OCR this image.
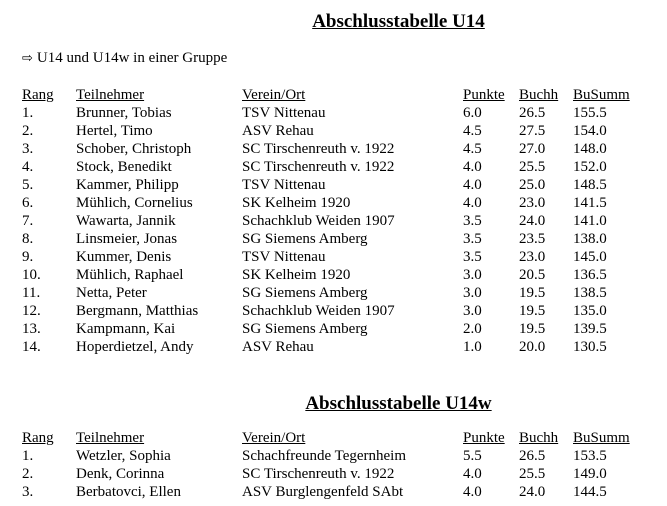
Abschlusstabelle U14
⇨ U14 und U14w in einer Gruppe
Rang	Teilnehmer	Verein/Ort	Punkte	Buchh	BuSumm
1.	Brunner, Tobias	TSV Nittenau	6.0	26.5	155.5
2.	Hertel, Timo	ASV Rehau	4.5	27.5	154.0
3.	Schober, Christoph	SC Tirschenreuth v. 1922	4.5	27.0	148.0
4.	Stock, Benedikt	SC Tirschenreuth v. 1922	4.0	25.5	152.0
5.	Kammer, Philipp	TSV Nittenau	4.0	25.0	148.5
6.	Mühlich, Cornelius	SK Kelheim 1920	4.0	23.0	141.5
7.	Wawarta, Jannik	Schachklub Weiden 1907	3.5	24.0	141.0
8.	Linsmeier, Jonas	SG Siemens Amberg	3.5	23.5	138.0
9.	Kummer, Denis	TSV Nittenau	3.5	23.0	145.0
10.	Mühlich, Raphael	SK Kelheim 1920	3.0	20.5	136.5
11.	Netta, Peter	SG Siemens Amberg	3.0	19.5	138.5
12.	Bergmann, Matthias	Schachklub Weiden 1907	3.0	19.5	135.0
13.	Kampmann, Kai	SG Siemens Amberg	2.0	19.5	139.5
14.	Hoperdietzel, Andy	ASV Rehau	1.0	20.0	130.5
Abschlusstabelle U14w
Rang	Teilnehmer	Verein/Ort	Punkte	Buchh	BuSumm
1.	Wetzler, Sophia	Schachfreunde Tegernheim	5.5	26.5	153.5
2.	Denk, Corinna	SC Tirschenreuth v. 1922	4.0	25.5	149.0
3.	Berbatovci, Ellen	ASV Burglengenfeld SAbt	4.0	24.0	144.5
